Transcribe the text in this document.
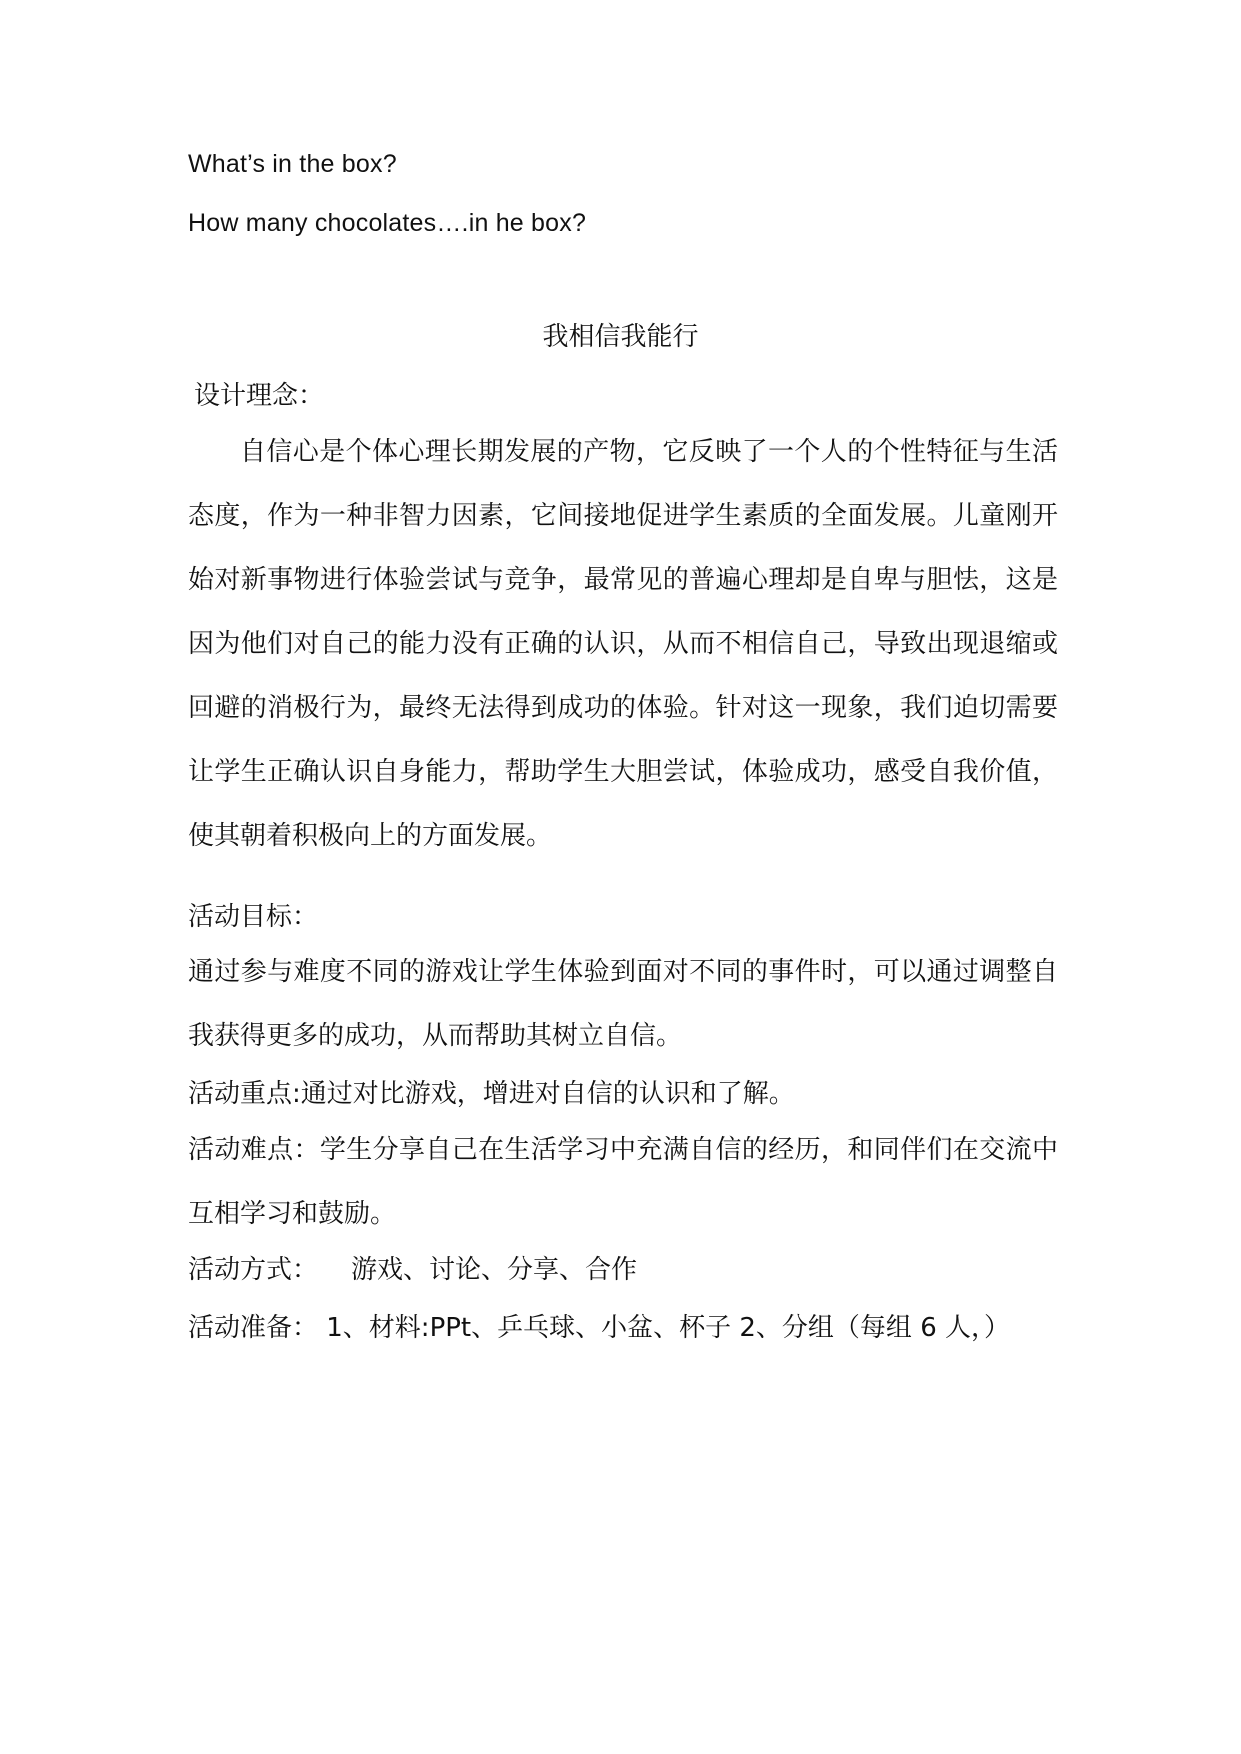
What’s in the box?
How many chocolates….in he box?
我相信我能行
设计理念：

自信心是个体心理长期发展的产物，它反映了一个人的个性特征与生活态度，作为一种非智力因素，它间接地促进学生素质的全面发展。儿童刚开始对新事物进行体验尝试与竞争，最常见的普遍心理却是自卑与胆怯，这是因为他们对自己的能力没有正确的认识，从而不相信自己，导致出现退缩或回避的消极行为，最终无法得到成功的体验。针对这一现象，我们迫切需要让学生正确认识自身能力，帮助学生大胆尝试，体验成功，感受自我价值，使其朝着积极向上的方面发展。

活动目标：

通过参与难度不同的游戏让学生体验到面对不同的事件时，可以通过调整自我获得更多的成功，从而帮助其树立自信。

活动重点:通过对比游戏，增进对自信的认识和了解。

活动难点：学生分享自己在生活学习中充满自信的经历，和同伴们在交流中互相学习和鼓励。

活动方式：    游戏、讨论、分享、合作
活动准备： 1、材料:PPt、乒乓球、小盆、杯子 2、分组（每组 6 人，）
